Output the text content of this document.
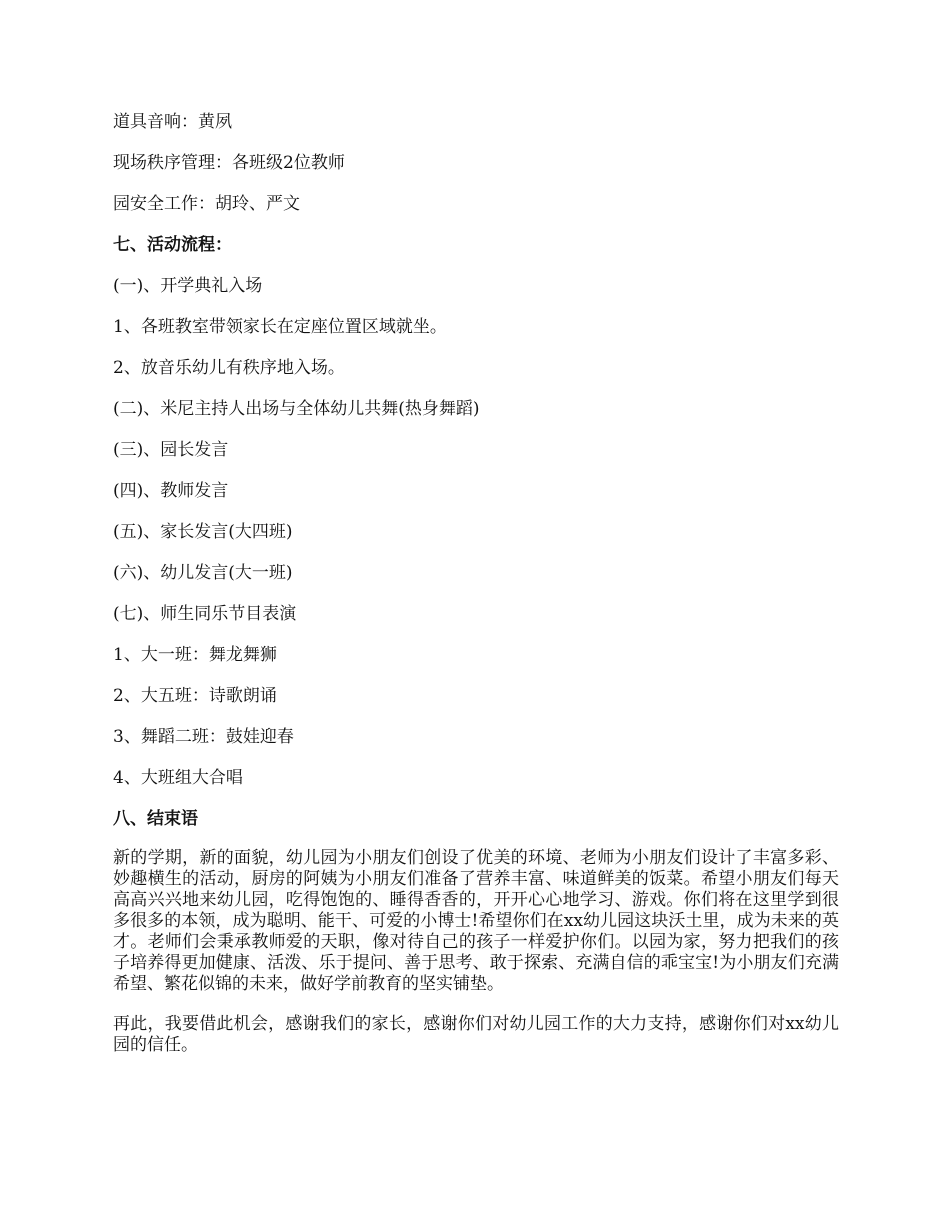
道具音响：黄夙

现场秩序管理：各班级2位教师

园安全工作：胡玲、严文

七、活动流程：

(一)、开学典礼入场

1、各班教室带领家长在定座位置区域就坐。

2、放音乐幼儿有秩序地入场。

(二)、米尼主持人出场与全体幼儿共舞(热身舞蹈)

(三)、园长发言

(四)、教师发言

(五)、家长发言(大四班)

(六)、幼儿发言(大一班)

(七)、师生同乐节目表演

1、大一班：舞龙舞狮

2、大五班：诗歌朗诵

3、舞蹈二班：鼓娃迎春

4、大班组大合唱

八、结束语

新的学期，新的面貌，幼儿园为小朋友们创设了优美的环境、老师为小朋友们设计了丰富多彩、妙趣横生的活动，厨房的阿姨为小朋友们准备了营养丰富、味道鲜美的饭菜。希望小朋友们每天高高兴兴地来幼儿园，吃得饱饱的、睡得香香的，开开心心地学习、游戏。你们将在这里学到很多很多的本领，成为聪明、能干、可爱的小博士!希望你们在xx幼儿园这块沃土里，成为未来的英才。老师们会秉承教师爱的天职，像对待自己的孩子一样爱护你们。以园为家，努力把我们的孩子培养得更加健康、活泼、乐于提问、善于思考、敢于探索、充满自信的乖宝宝!为小朋友们充满希望、繁花似锦的未来，做好学前教育的坚实铺垫。

再此，我要借此机会，感谢我们的家长，感谢你们对幼儿园工作的大力支持，感谢你们对xx幼儿园的信任。
